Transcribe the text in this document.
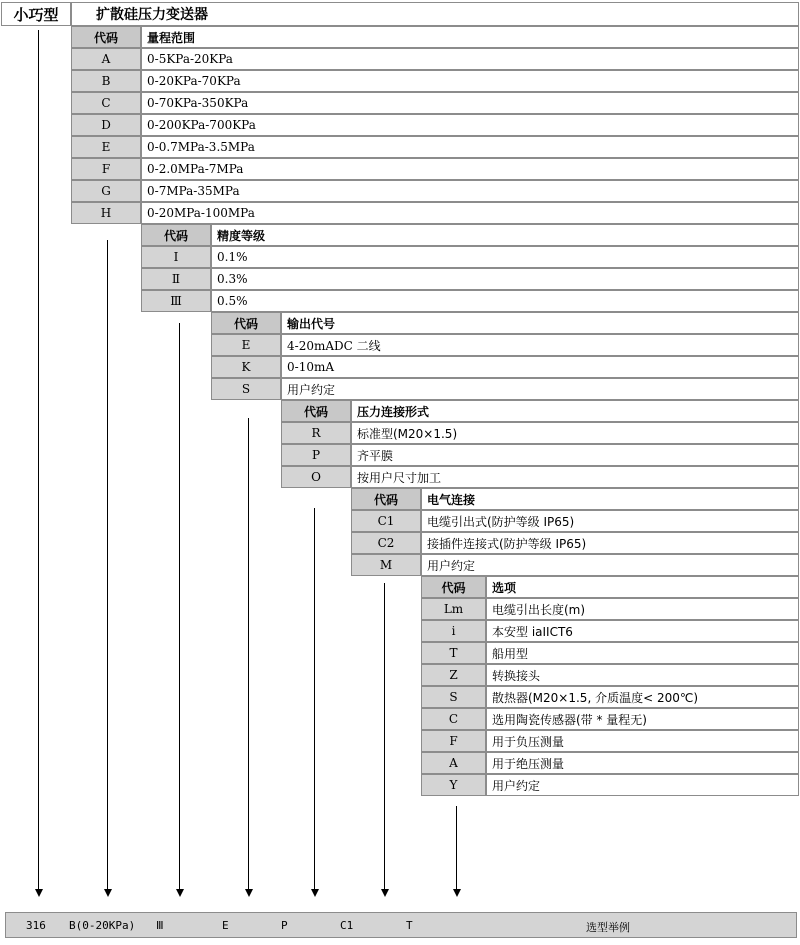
小巧型	扩散硅压力变送器
代码	量程范围
A	0-5KPa-20KPa
B	0-20KPa-70KPa
C	0-70KPa-350KPa
D	0-200KPa-700KPa
E	0-0.7MPa-3.5MPa
F	0-2.0MPa-7MPa
G	0-7MPa-35MPa
H	0-20MPa-100MPa
代码	精度等级
Ⅰ	0.1%
Ⅱ	0.3%
Ⅲ	0.5%
代码	输出代号
E	4-20mADC 二线
K	0-10mA
S	用户约定
代码	压力连接形式
R	标准型(M20×1.5)
P	齐平膜
O	按用户尺寸加工
代码	电气连接
C1	电缆引出式(防护等级 IP65)
C2	接插件连接式(防护等级 IP65)
M	用户约定
代码	选项
Lm	电缆引出长度(m)
i	本安型 iaIICT6
T	船用型
Z	转换接头
S	散热器(M20×1.5, 介质温度< 200℃)
C	选用陶瓷传感器(带 * 量程无)
F	用于负压测量
A	用于绝压测量
Y	用户约定
316 B(0-20KPa) Ⅲ	E	P	C1	T	选型举例
